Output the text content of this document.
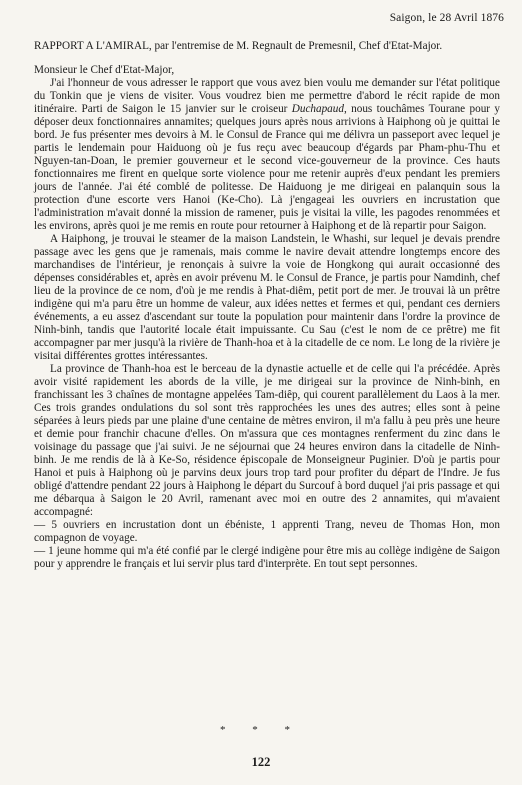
Saigon, le 28 Avril 1876

RAPPORT A L'AMIRAL, par l'entremise de M. Regnault de Premesnil, Chef d'Etat-Major.

Monsieur le Chef d'Etat-Major,

J'ai l'honneur de vous adresser le rapport que vous avez bien voulu me demander sur l'état politique du Tonkin que je viens de visiter. Vous voudrez bien me permettre d'abord le récit rapide de mon itinéraire. Parti de Saigon le 15 janvier sur le croiseur Duchapaud, nous touchâmes Tourane pour y déposer deux fonctionnaires annamites; quelques jours après nous arrivions à Haiphong où je quittai le bord. Je fus présenter mes devoirs à M. le Consul de France qui me délivra un passeport avec lequel je partis le lendemain pour Haiduong où je fus reçu avec beaucoup d'égards par Pham-phu-Thu et Nguyen-tan-Doan, le premier gouverneur et le second vice-gouverneur de la province. Ces hauts fonctionnaires me firent en quelque sorte violence pour me retenir auprès d'eux pendant les premiers jours de l'année. J'ai été comblé de politesse. De Haiduong je me dirigeai en palanquin sous la protection d'une escorte vers Hanoi (Ke-Cho). Là j'engageai les ouvriers en incrustation que l'administration m'avait donné la mission de ramener, puis je visitai la ville, les pagodes renommées et les environs, après quoi je me remis en route pour retourner à Haiphong et de là repartir pour Saigon.

A Haiphong, je trouvai le steamer de la maison Landstein, le Whashi, sur lequel je devais prendre passage avec les gens que je ramenais, mais comme le navire devait attendre longtemps encore des marchandises de l'intérieur, je renonçais à suivre la voie de Hongkong qui aurait occasionné des dépenses considérables et, après en avoir prévenu M. le Consul de France, je partis pour Namdinh, chef lieu de la province de ce nom, d'où je me rendis à Phat-diêm, petit port de mer. Je trouvai là un prêtre indigène qui m'a paru être un homme de valeur, aux idées nettes et fermes et qui, pendant ces derniers événements, a eu assez d'ascendant sur toute la population pour maintenir dans l'ordre la province de Ninh-binh, tandis que l'autorité locale était impuissante. Cu Sau (c'est le nom de ce prêtre) me fit accompagner par mer jusqu'à la rivière de Thanh-hoa et à la citadelle de ce nom. Le long de la rivière je visitai différentes grottes intéressantes.

La province de Thanh-hoa est le berceau de la dynastie actuelle et de celle qui l'a précédée. Après avoir visité rapidement les abords de la ville, je me dirigeai sur la province de Ninh-binh, en franchissant les 3 chaînes de montagne appelées Tam-diêp, qui courent parallèlement du Laos à la mer. Ces trois grandes ondulations du sol sont très rapprochées les unes des autres; elles sont à peine séparées à leurs pieds par une plaine d'une centaine de mètres environ, il m'a fallu à peu près une heure et demie pour franchir chacune d'elles. On m'assura que ces montagnes renferment du zinc dans le voisinage du passage que j'ai suivi. Je ne séjournai que 24 heures environ dans la citadelle de Ninh-binh. Je me rendis de là à Ke-So, résidence épiscopale de Monseigneur Puginier. D'où je partis pour Hanoi et puis à Haiphong où je parvins deux jours trop tard pour profiter du départ de l'Indre. Je fus obligé d'attendre pendant 22 jours à Haiphong le départ du Surcouf à bord duquel j'ai pris passage et qui me débarqua à Saigon le 20 Avril, ramenant avec moi en outre des 2 annamites, qui m'avaient accompagné:

— 5 ouvriers en incrustation dont un ébéniste, 1 apprenti Trang, neveu de Thomas Hon, mon compagnon de voyage.

— 1 jeune homme qui m'a été confié par le clergé indigène pour être mis au collège indigène de Saigon pour y apprendre le français et lui servir plus tard d'interprète. En tout sept personnes.

* * *
122
